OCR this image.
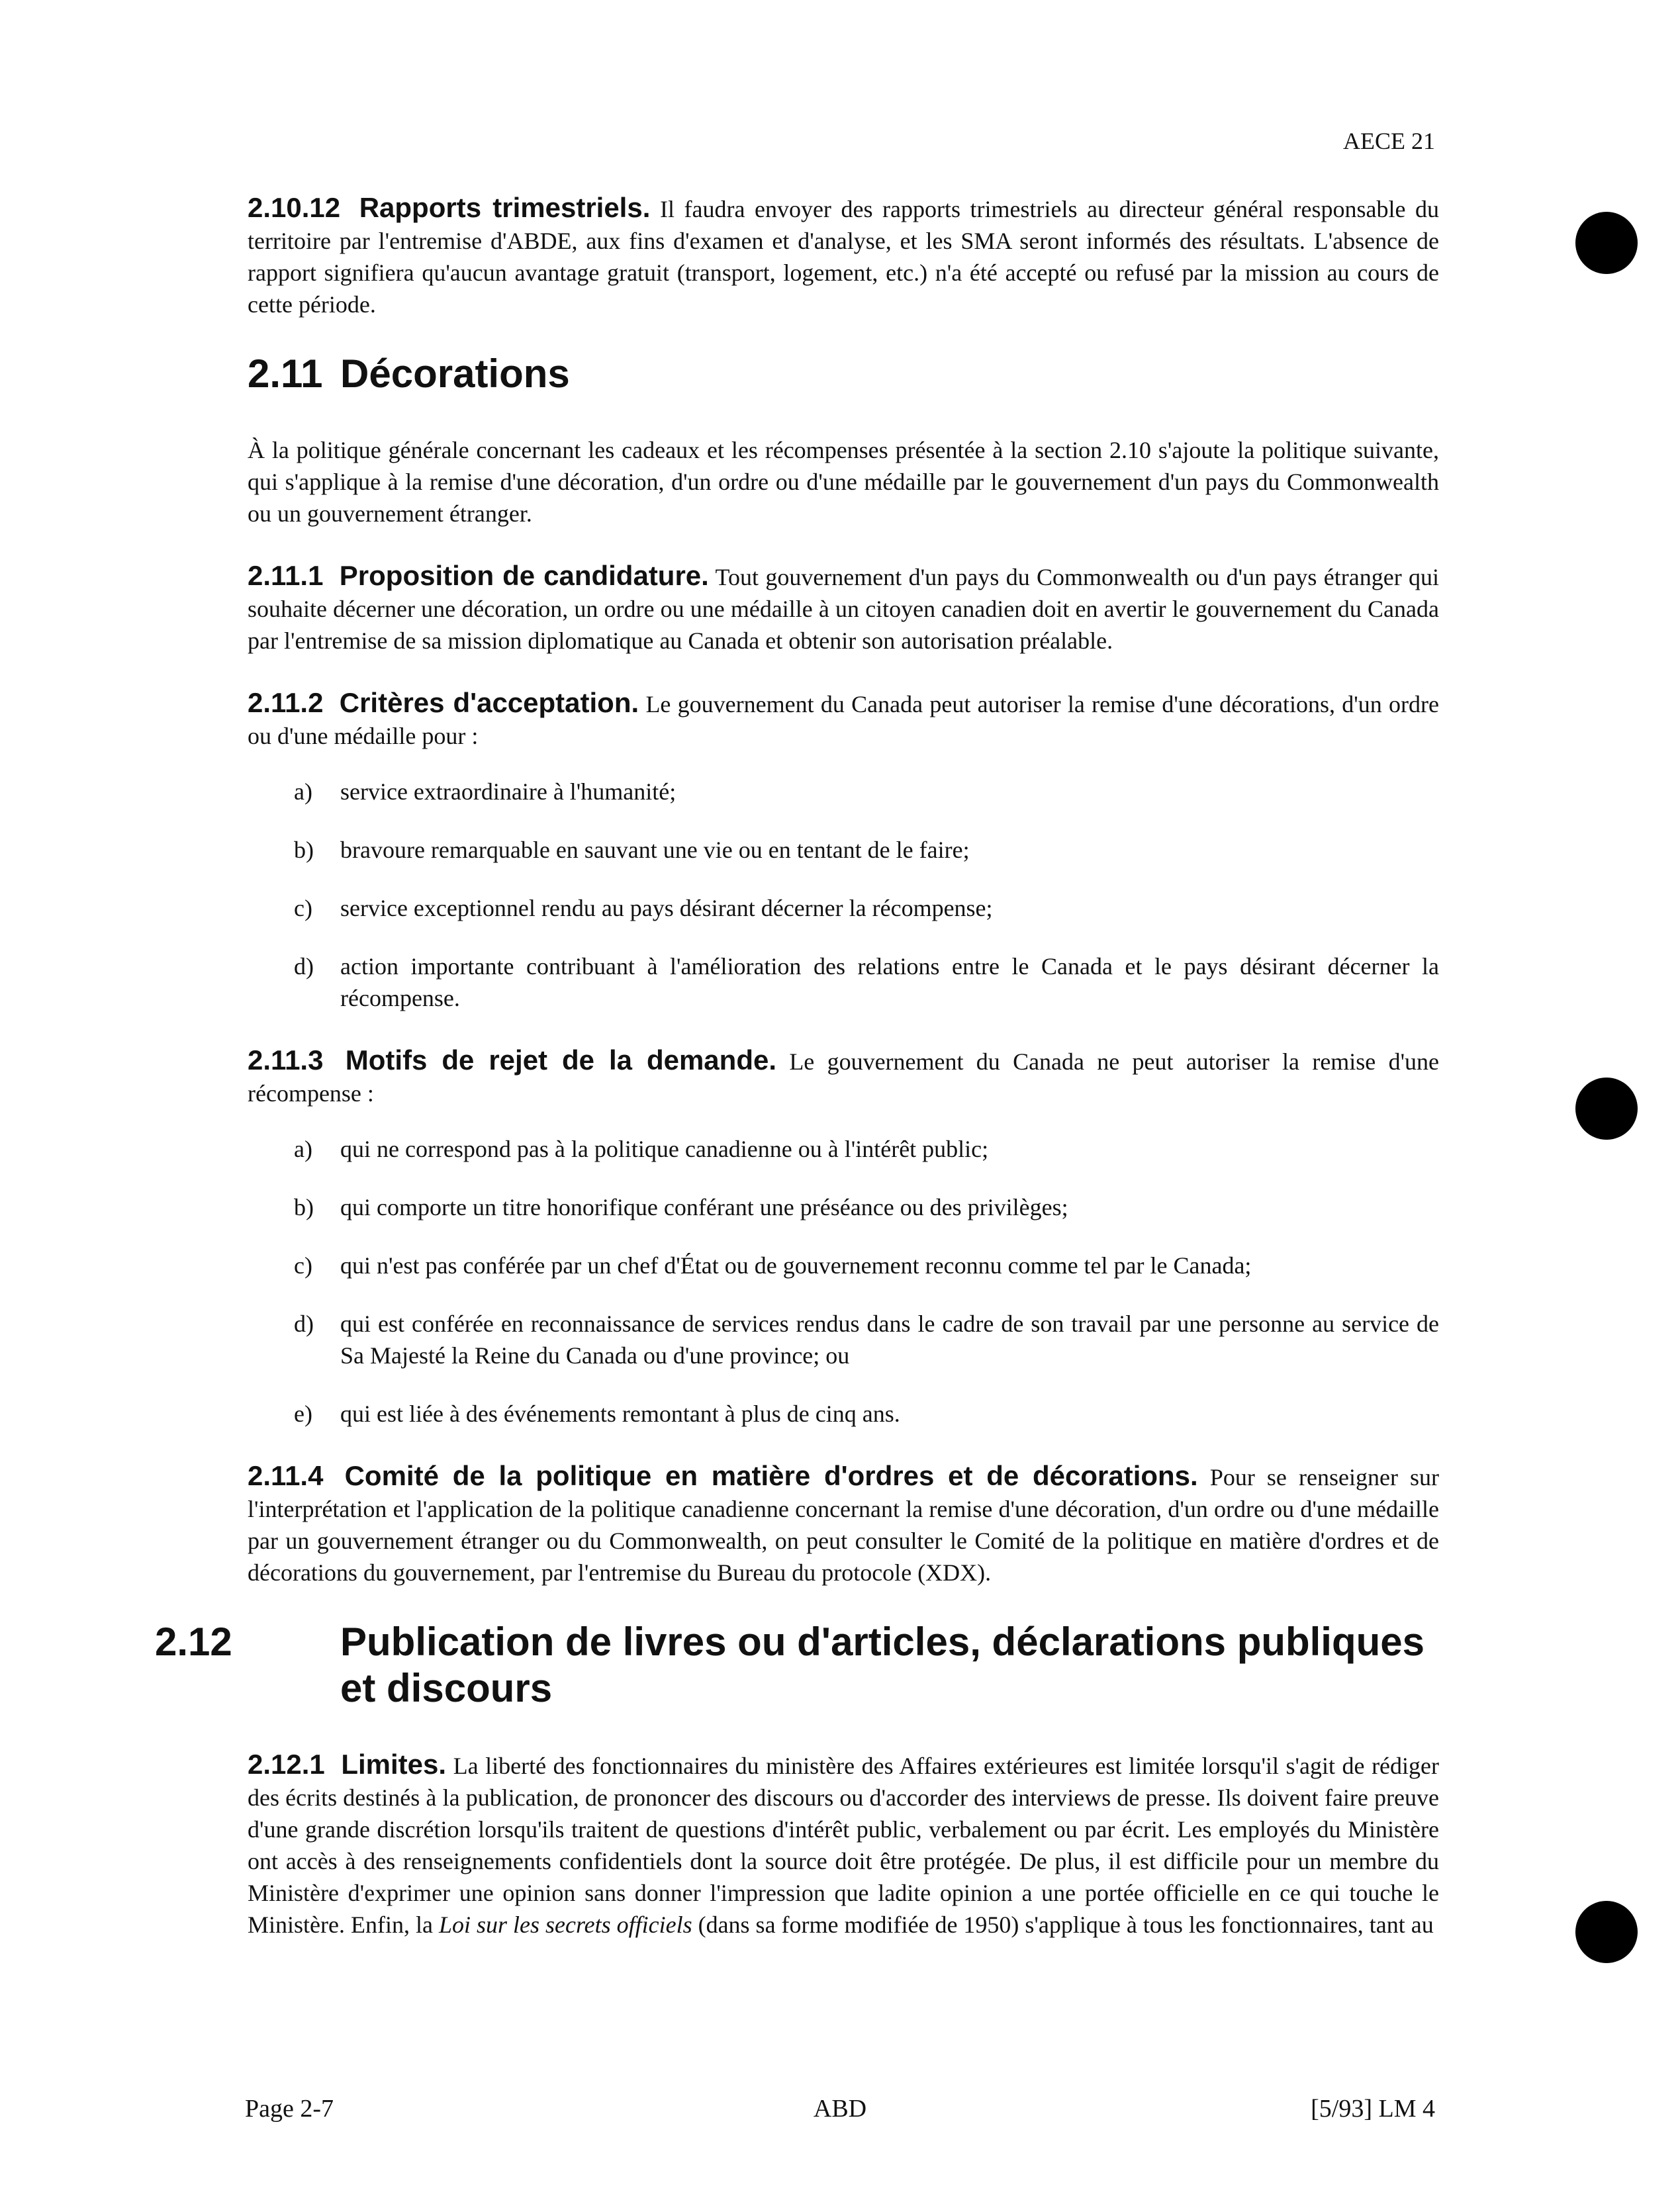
AECE 21

2.10.12 Rapports trimestriels. Il faudra envoyer des rapports trimestriels au directeur général responsable du territoire par l'entremise d'ABDE, aux fins d'examen et d'analyse, et les SMA seront informés des résultats. L'absence de rapport signifiera qu'aucun avantage gratuit (transport, logement, etc.) n'a été accepté ou refusé par la mission au cours de cette période.

2.11 Décorations

À la politique générale concernant les cadeaux et les récompenses présentée à la section 2.10 s'ajoute la politique suivante, qui s'applique à la remise d'une décoration, d'un ordre ou d'une médaille par le gouvernement d'un pays du Commonwealth ou un gouvernement étranger.

2.11.1 Proposition de candidature. Tout gouvernement d'un pays du Commonwealth ou d'un pays étranger qui souhaite décerner une décoration, un ordre ou une médaille à un citoyen canadien doit en avertir le gouvernement du Canada par l'entremise de sa mission diplomatique au Canada et obtenir son autorisation préalable.

2.11.2 Critères d'acceptation. Le gouvernement du Canada peut autoriser la remise d'une décorations, d'un ordre ou d'une médaille pour :

a)	service extraordinaire à l'humanité;
b)	bravoure remarquable en sauvant une vie ou en tentant de le faire;
c)	service exceptionnel rendu au pays désirant décerner la récompense;
d)	action importante contribuant à l'amélioration des relations entre le Canada et le pays désirant décerner la récompense.

2.11.3 Motifs de rejet de la demande. Le gouvernement du Canada ne peut autoriser la remise d'une récompense :

a)	qui ne correspond pas à la politique canadienne ou à l'intérêt public;
b)	qui comporte un titre honorifique conférant une préséance ou des privilèges;
c)	qui n'est pas conférée par un chef d'État ou de gouvernement reconnu comme tel par le Canada;
d)	qui est conférée en reconnaissance de services rendus dans le cadre de son travail par une personne au service de Sa Majesté la Reine du Canada ou d'une province; ou
e)	qui est liée à des événements remontant à plus de cinq ans.

2.11.4 Comité de la politique en matière d'ordres et de décorations. Pour se renseigner sur l'interprétation et l'application de la politique canadienne concernant la remise d'une décoration, d'un ordre ou d'une médaille par un gouvernement étranger ou du Commonwealth, on peut consulter le Comité de la politique en matière d'ordres et de décorations du gouvernement, par l'entremise du Bureau du protocole (XDX).

2.12	Publication de livres ou d'articles, déclarations publiques et discours

2.12.1 Limites. La liberté des fonctionnaires du ministère des Affaires extérieures est limitée lorsqu'il s'agit de rédiger des écrits destinés à la publication, de prononcer des discours ou d'accorder des interviews de presse. Ils doivent faire preuve d'une grande discrétion lorsqu'ils traitent de questions d'intérêt public, verbalement ou par écrit. Les employés du Ministère ont accès à des renseignements confidentiels dont la source doit être protégée. De plus, il est difficile pour un membre du Ministère d'exprimer une opinion sans donner l'impression que ladite opinion a une portée officielle en ce qui touche le Ministère. Enfin, la Loi sur les secrets officiels (dans sa forme modifiée de 1950) s'applique à tous les fonctionnaires, tant au

Page 2-7	ABD	[5/93] LM 4
